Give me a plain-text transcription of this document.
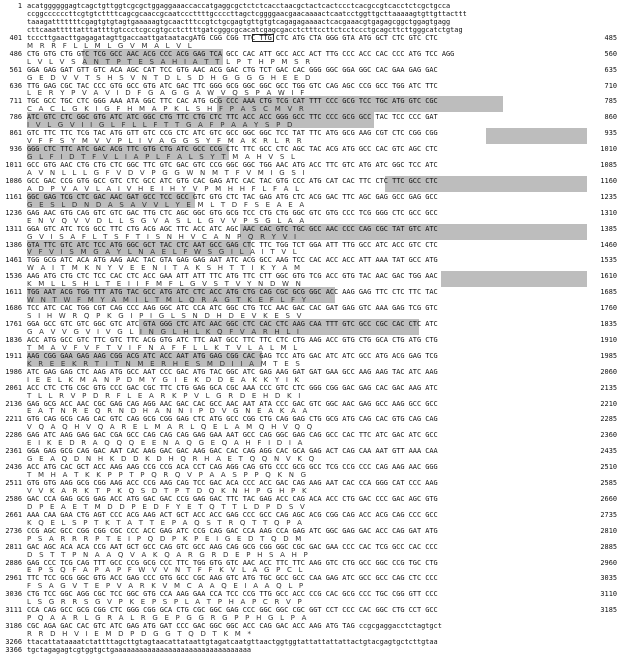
1 acatggggggagtcagctgttggtcgcgctggaggaaaccaccatgaggcgctctctcacctaacgctactcactccctcacgccgtcacctctcgctgcca
ccggccccccttcgtgtcttttcagcgcaaccgcaatcccttttgccccttagctcggggaacgaacaaaactcaatcctggttgcttaaaaagtgttgttacttt
taaagatttttttcgagtgtgtagtgaaaaagtgcaactttccgtctgcgagtgttgtgtcagagagaaaactcacgaaacgtgagagcggctggagtgagg
cttcaaatttttatttattttgtccctcgccgtgcctcttttgatcgggcgcacatcgagcgacctctttccttctcctccctgcagcttcttgggcatctgtag
401 tcccttgaacttgagagatagttgaccaattgataatacgATG CGG CGG TTC TTG CTC ATG CTA GGG GTA ATG GCT CTC GTC CTC	485
M   R   R   F   L   L   M   L   G   V   M   A   L   V   L
486 CTG GTG CTG GTC TCG GCC AAC ACG CCC ACG GAG TCA GCC CAC ATT GCC ACC ACT TTG CCC ACC CAC CCC ATG TCC AGG	560
L   V   L   V   S   A   N   T   P   T   E   S   A   H   I   A   T   T   L   P   T   H   P   M   S   R
561 GGA GAG GAT GTT GTC ACA AGC CAT TCC GTG AAC ACG GAC CTG TCT GAC CAC GGG GGC GGA GGC CAC GAA GAG GAC	635
G   E   D   V   V   T   S   H   S   V   N   T   D   L   S   D   H   G   G   G   G   H   E   E   D
636 TTG GAG CGC TAC CCC GTG GCC GTG ATC GAC TTC GGG GCG GGC GGC GCC TGG GTC CAG AGC CCG GCC TGG ATC TTC	710
L   E   R   Y   P   V   A   V   I   D   F   G   A   G   G   A   W   V   Q   S   P   A   W   I   F
711 TGC GCC TGC CTC GGG AAA ATA GGC TTC CAC ATG GCG CCC AAA CTG TCG CAT TTT CCC GCG TCC TGC ATG GTC CGC	785
C   A   C   L   G   K   I   G   F   H   M   A   P   K   L   S   H   F   P   A   S   C   M   V   R
786 ATC GTC CTC GGC GTG ATC ATC GGC CTG TTC CTG CTC TTC ACC ACC GGG GCC TTC CCC GCG GCC TAC TCC CCC GAT	860
I   V   L   G   V   I   I   G   L   F   L   L   F   T   T   G   A   F   P   A   A   Y   S   P   D
861 GTC TTC TTC TCG TAC ATG GTT GTC CCG CTC ATC GTC GCC GGC GGC TCC TAT TTC ATG GCG AAG CGT CTC CGG CGG	935
V   F   F   S   Y   M   V   V   P   L   I   V   A   G   G   S   Y   F   M   A   K   R   L   R   R
936 GGG CTC TTC ATC GAC ACG TTC GTG CTG ATC GCC CCG CTC TTC GCC CTC AGC TAC ACG ATG GCC CAC GTC AGC CTC	1010
G   L   F   I   D   T   F   V   L   I   A   P   L   F   A   L   S   Y   T   M   A   H   V   S   L
1011 GCC GTG AAC CTG CTG CTC GGC TTC GTC GAC GTC CCG GGC GGC TGG AAC ATG ACC TTC GTC ATG ATC GGC TCC ATC	1085
A   V   N   L   L   L   G   F   V   D   V   P   G   G   W   N   M   T   F   V   M   I   G   S   I
1086 GCC GAC CCG GTG GCC GTC CTC GCC ATC GTG CAC GAG ATC CAC TAC GTG CCC ATG CAT CAC TTC CTC TTC GCC CTC	1160
A   D   P   V   A   V   L   A   I   V   H   E   I   H   Y   V   P   M   H   H   F   L   F   A   L
1161 GGC GAG TCG CTC GAC AAC GAT GCC TCC GCC GTC GTG CTC TAC GAG ATG CTC ACG GAC TTC AGC GAG GCC GAG GCC	1235
G   E   S   L   D   N   D   A   S   A   V   V   L   Y   E   M   L   T   D   F   S   E   A   E   A
1236 GAG AAC GTG CAG GTC GTC GAC TTG CTC AGC GGC GTG GCG TCC CTG CTG GGC GTC GTG CCC TCG GGG CTC GCC GCC	1310
E   N   V   Q   V   V   D   L   L   S   G   V   A   S   L   L   G   V   V   P   S   G   L   A   A
1311 GGA GTC ATC TCG GCC TTC CTG ACG AGC TTC ACC ATC AGC AAC CAC GTC TGC GCC AAC CCC CAG CGC TAT GTC ATC	1385
G   V   I   S   A   F   L   T   S   F   T   I   S   N   H   V   C   A   N   P   Q   R   Y   V   I
1386 GTA TTC GTC ATC TCC ATG GGC GCT TAC CTC AAT GCC GAG CTC TTC TGG TCT GGA ATT TTG GCC ATC ACC GTC CTC	1460
V   F   V   I   S   M   G   A   Y   L   N   A   E   L   F   W   S   G   I   L   A   I   T   V   L
1461 TGG GCG ATC ACA ATG AAG AAC TAC GTA GAG GAG AAT ATC ACG GCC AAG TCC CAC ACC ACC ATT AAA TAT GCC ATG	1535
W   A   I   T   M   K   N   Y   V   E   E   N   I   T   A   K   S   H   T   T   I   K   Y   A   M
1536 AAG ATG CTG CTC TCC CAC CTC ACC GAA ATT ATT TTC ATG TTC CTT GGC GTG TCG ACC GTG TAC AAC GAC TGG AAC	1610
K   M   L   L   S   H   L   T   E   I   I   F   M   F   L   G   V   S   T   V   Y   N   D   W   N
1611 TGG AAT ACG TGG TTT ATG TAC GCC ATG ATC CTC ACC ATG CTG CAG CGC GCG GGC ACC AAG GAG TTC CTC TTC TAC	1685
W   N   T   W   F   M   Y   A   M   I   L   T   M   L   Q   R   A   G   T   K   E   F   L   F   Y
1686 TCC ATC CAC TGG CGT CAG CCC AAG GGC ATC CCA ATC GGC CTG TCC AAC GAC CAC GAT GAG GTC AAA GAG TCG GTC	1760
S   I   H   W   R   Q   P   K   G   I   P   I   G   L   S   N   D   H   D   E   V   K   E   S   V
1761 GGA GCC GTC GTC GGC GTC ATC GTA GGG CTC ATC AAC GGC CTC CAC CTC AAG CAA TTT GTC GCC CGC CAC CTC ATC	1835
G   A   V   V   G   V   I   V   G   L   I   N   G   L   H   L   K   Q   F   V   A   R   H   L   I
1836 ACC ATG GCC GTC TTC GTC TTC ACG GTG ATC TTC AAT GCC TTC TTC CTC CTG AAG ACC GTG CTG GCA CTG ATG CTG	1910
T   M   A   V   F   V   F   T   V   I   F   N   A   F   F   L   L   K   T   V   L   A   L   M   L
1911 AAG CGG GAA GAG AAG CGG ACG ATC ACC AAT ATG GAG CGG CAC GAG TCC ATG GAC ATC ATC GCC ATG ACG GAG TCG	1985
K   R   E   E   K   R   T   I   T   N   M   E   R   H   E   S   M   D   I   I   A   M   T   E   S
1986 ATC GAG GAG CTC AAG ATG GCC AAT CCC GAC ATG TAC GGC ATC GAG AAG GAT GAT GAA GCC AAG AAG TAC ATC AAG	2060
I   E   E   L   K   M   A   N   P   D   M   Y   G   I   E   K   D   D   E   A   K   K   Y   I   K
2061 ACC CTC CTG CGC GTG CCC GAC CGC TTC CTG GAG GCA CGC AAA CCC GTC CTC GGG CGG GAC GAG CAC GAC AAG ATC	2135
T   L   L   R   V   P   D   R   F   L   E   A   R   K   P   V   L   G   R   D   E   H   D   K   I
2136 GAG GCG ACC AAC CGC GAG CAG AGG AAC GAC CAC GCC AAC AAT ATA CCC GAC GTC GGC AAC GAG GCC AAG GCC GCC	2210
E   A   T   N   R   E   Q   R   N   D   H   A   N   N   I   P   D   V   G   N   E   A   K   A   A
2211 GTG CAG GCG CAG CAC GTC CAG GCG CGG GAG CTC ATG GCC CGG CTG CAG GAG CTG GCG ATG CAG CAC GTG CAG CAG	2285
V   Q   A   Q   H   V   Q   A   R   E   L   M   A   R   L   Q   E   L   A   M   Q   H   V   Q   Q
2286 GAG ATC AAG GAG GAC CGA GCC CAG CAG CAG GAG GAA AAT GCC CAG GGC GAG CAG GCC CAC TTC ATC GAC ATC GCC	2360
E   I   K   E   D   R   A   Q   Q   Q   E   E   N   A   Q   G   E   Q   A   H   F   I   D   I   A
2361 GGA GAG GCG CAG GAC AAT CAC AAG GAC GAC AAG GAC CAC CAG AGG CAC GCA GAG ACT CAG CAA AAT GTT AAA CAA	2435
G   E   A   Q   D   N   H   K   D   D   K   D   H   Q   R   H   A   E   T   Q   Q   N   V   K   Q
2436 ACC ATG CAC GCT ACC AAG AAG CCG CCG ACA CCT CAG AGG CAG GTG CCC GCG GCC TCG CCG CCC CAG AAG AAC GGG	2510
T   M   H   A   T   K   K   P   P   T   P   Q   R   Q   V   P   A   A   S   P   P   Q   K   N   G
2511 GTG GTG AAG GCG CGG AAG ACC CCG AAG CAG TCC GAC ACA CCC ACC GAC CAG AAG AAT CAC CCA GGG CAT CCC AAG	2585
V   V   K   A   R   K   T   P   K   Q   S   D   T   P   T   D   Q   K   N   H   P   G   H   P   K
2586 GAC CCA GAG GCG GAG ACC ATG GAC GAC CCG GAG GAC TTC TAC GAG ACC CAG ACA ACC CTG GAC CCC GAC AGC GTG	2660
D   P   E   A   E   T   M   D   D   P   E   D   F   Y   E   T   Q   T   T   L   D   P   D   S   V
2661 AAA CAA GAA CTG AGT CCC ACG AAG ACT GCT ACC ACC GAG CCC GCC CAG AGC ACG CGG CAG ACC ACG CAG CCC GCC	2735
K   Q   E   L   S   P   T   K   T   A   T   T   E   P   A   Q   S   T   R   Q   T   T   Q   P   A
2736 CCG AGC GCC CGG CGG CGC CCC ACC GAG ATC CCG CAG GAC CCA AAG CCA GAG ATC GGC GAG GAC ACC CAG GAT ATG	2810
P   S   A   R   R   R   P   T   E   I   P   Q   D   P   K   P   E   I   G   E   D   T   Q   D   M
2811 GAC AGC ACA ACA CCG AAT GCT GCC CAG GTC GCC AAG CAG GCG CGG GGC CGC GAC GAA CCC CAC TCG GCC CAC CCC	2885
D   S   T   T   P   N   A   A   Q   V   A   K   Q   A   R   G   R   D   E   P   H   S   A   H   P
2886 GAG CCC TCG CAG TTT GCC CCG GCG CCC TTC TGG GTG GTC AAC ACC TTC TTC AAG GTC CTG GCC GGC CCG TGC CTG	2960
E   P   S   Q   F   A   P   A   P   F   W   V   V   N   T   F   F   K   V   L   A   G   P   C   L
2961 TTC TCC GCG GGC GTG ACC GAG CCC GTG GCC CGC AAG GTC ATG TGC GCC GCC CAA GAG ATC GCC GCC CAG CTC CCC	3035
F   S   A   G   V   T   E   P   V   A   R   K   V   M   C   A   A   Q   E   I   A   A   Q   L   P
3036 CTG TCC GGC AGG CGC TCC GGC GTG CCA AAG GAA CCA TCC CCG TTG GCC ACC CCG CAC GCG CCC TGC CGG GTT CCC	3110
L   S   G   R   R   S   G   V   P   K   E   P   S   P   L   A   T   P   H   A   P   C   R   V   P
3111 CCA CAG GCC GCG CGG CTC GGG CGG GCA CTG CGC GGC GAG CCC GGC GGC CGC GGT CCT CCC CAC GGC CTG CCT GCC	3185
P   Q   A   A   R   L   G   R   A   L   R   G   E   P   G   G   R   G   P   P   H   G   L   P   A
3186 CGC AGA GAC CAC GTC ATC GAG ATG GAT CCC GAC GGC GGC ACC CAG GAC ACC AAG ATG TAG ccgcgaggacctctagtgct
R   R   D   H   V   I   E   M   D   P   D   G   G   T   Q   D   T   K   M   *
3266 ttacattataaaatctattttagcttgtagtaacattataattgtagatcaatgttaactggtggtattattattattactgtacgagtgctcttgtaa
3366 tgctagagagtcgtggtgctgaaaaaaaaaaaaaaaaaaaaaaaaaaaaaaaaa
